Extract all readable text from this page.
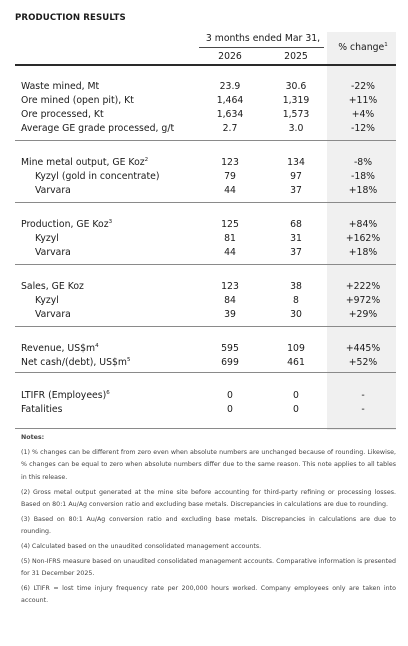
PRODUCTION RESULTS
3 months ended Mar 31,
2026	2025
% change$^1$
Waste mined, Mt	23.9	30.6	-22%
Ore mined (open pit), Kt	1,464	1,319	+11%
Ore processed, Kt	1,634	1,573	+4%
Average GE grade processed, g/t	2.7	3.0	-12%
Mine metal output, GE Koz$^2$	123	134	-8%
Kyzyl (gold in concentrate)	79	97	-18%
Varvara	44	37	+18%
Production, GE Koz$^3$	125	68	+84%
Kyzyl	81	31	+162%
Varvara	44	37	+18%
Sales, GE Koz	123	38	+222%
Kyzyl	84	8	+972%
Varvara	39	30	+29%
Revenue, $US\$m^4$	595	109	+445%
Net cash/(debt), $US\$m^5$	699	461	+52%
LTIFR (Employees)$^6$	0	0	-
Fatalities	0	0	-
Notes:
(1) % changes can be different from zero even when absolute numbers are unchanged because of rounding. Likewise, % changes can be equal to zero when absolute numbers differ due to the same reason. This note applies to all tables in this release.
(2) Gross metal output generated at the mine site before accounting for third-party refining or processing losses. Based on 80:1 Au/Ag conversion ratio and excluding base metals. Discrepancies in calculations are due to rounding.
(3) Based on 80:1 Au/Ag conversion ratio and excluding base metals. Discrepancies in calculations are due to rounding.
(4) Calculated based on the unaudited consolidated management accounts.
(5) Non-IFRS measure based on unaudited consolidated management accounts. Comparative information is presented for 31 December 2025.
(6) LTIFR = lost time injury frequency rate per 200,000 hours worked. Company employees only are taken into account.
